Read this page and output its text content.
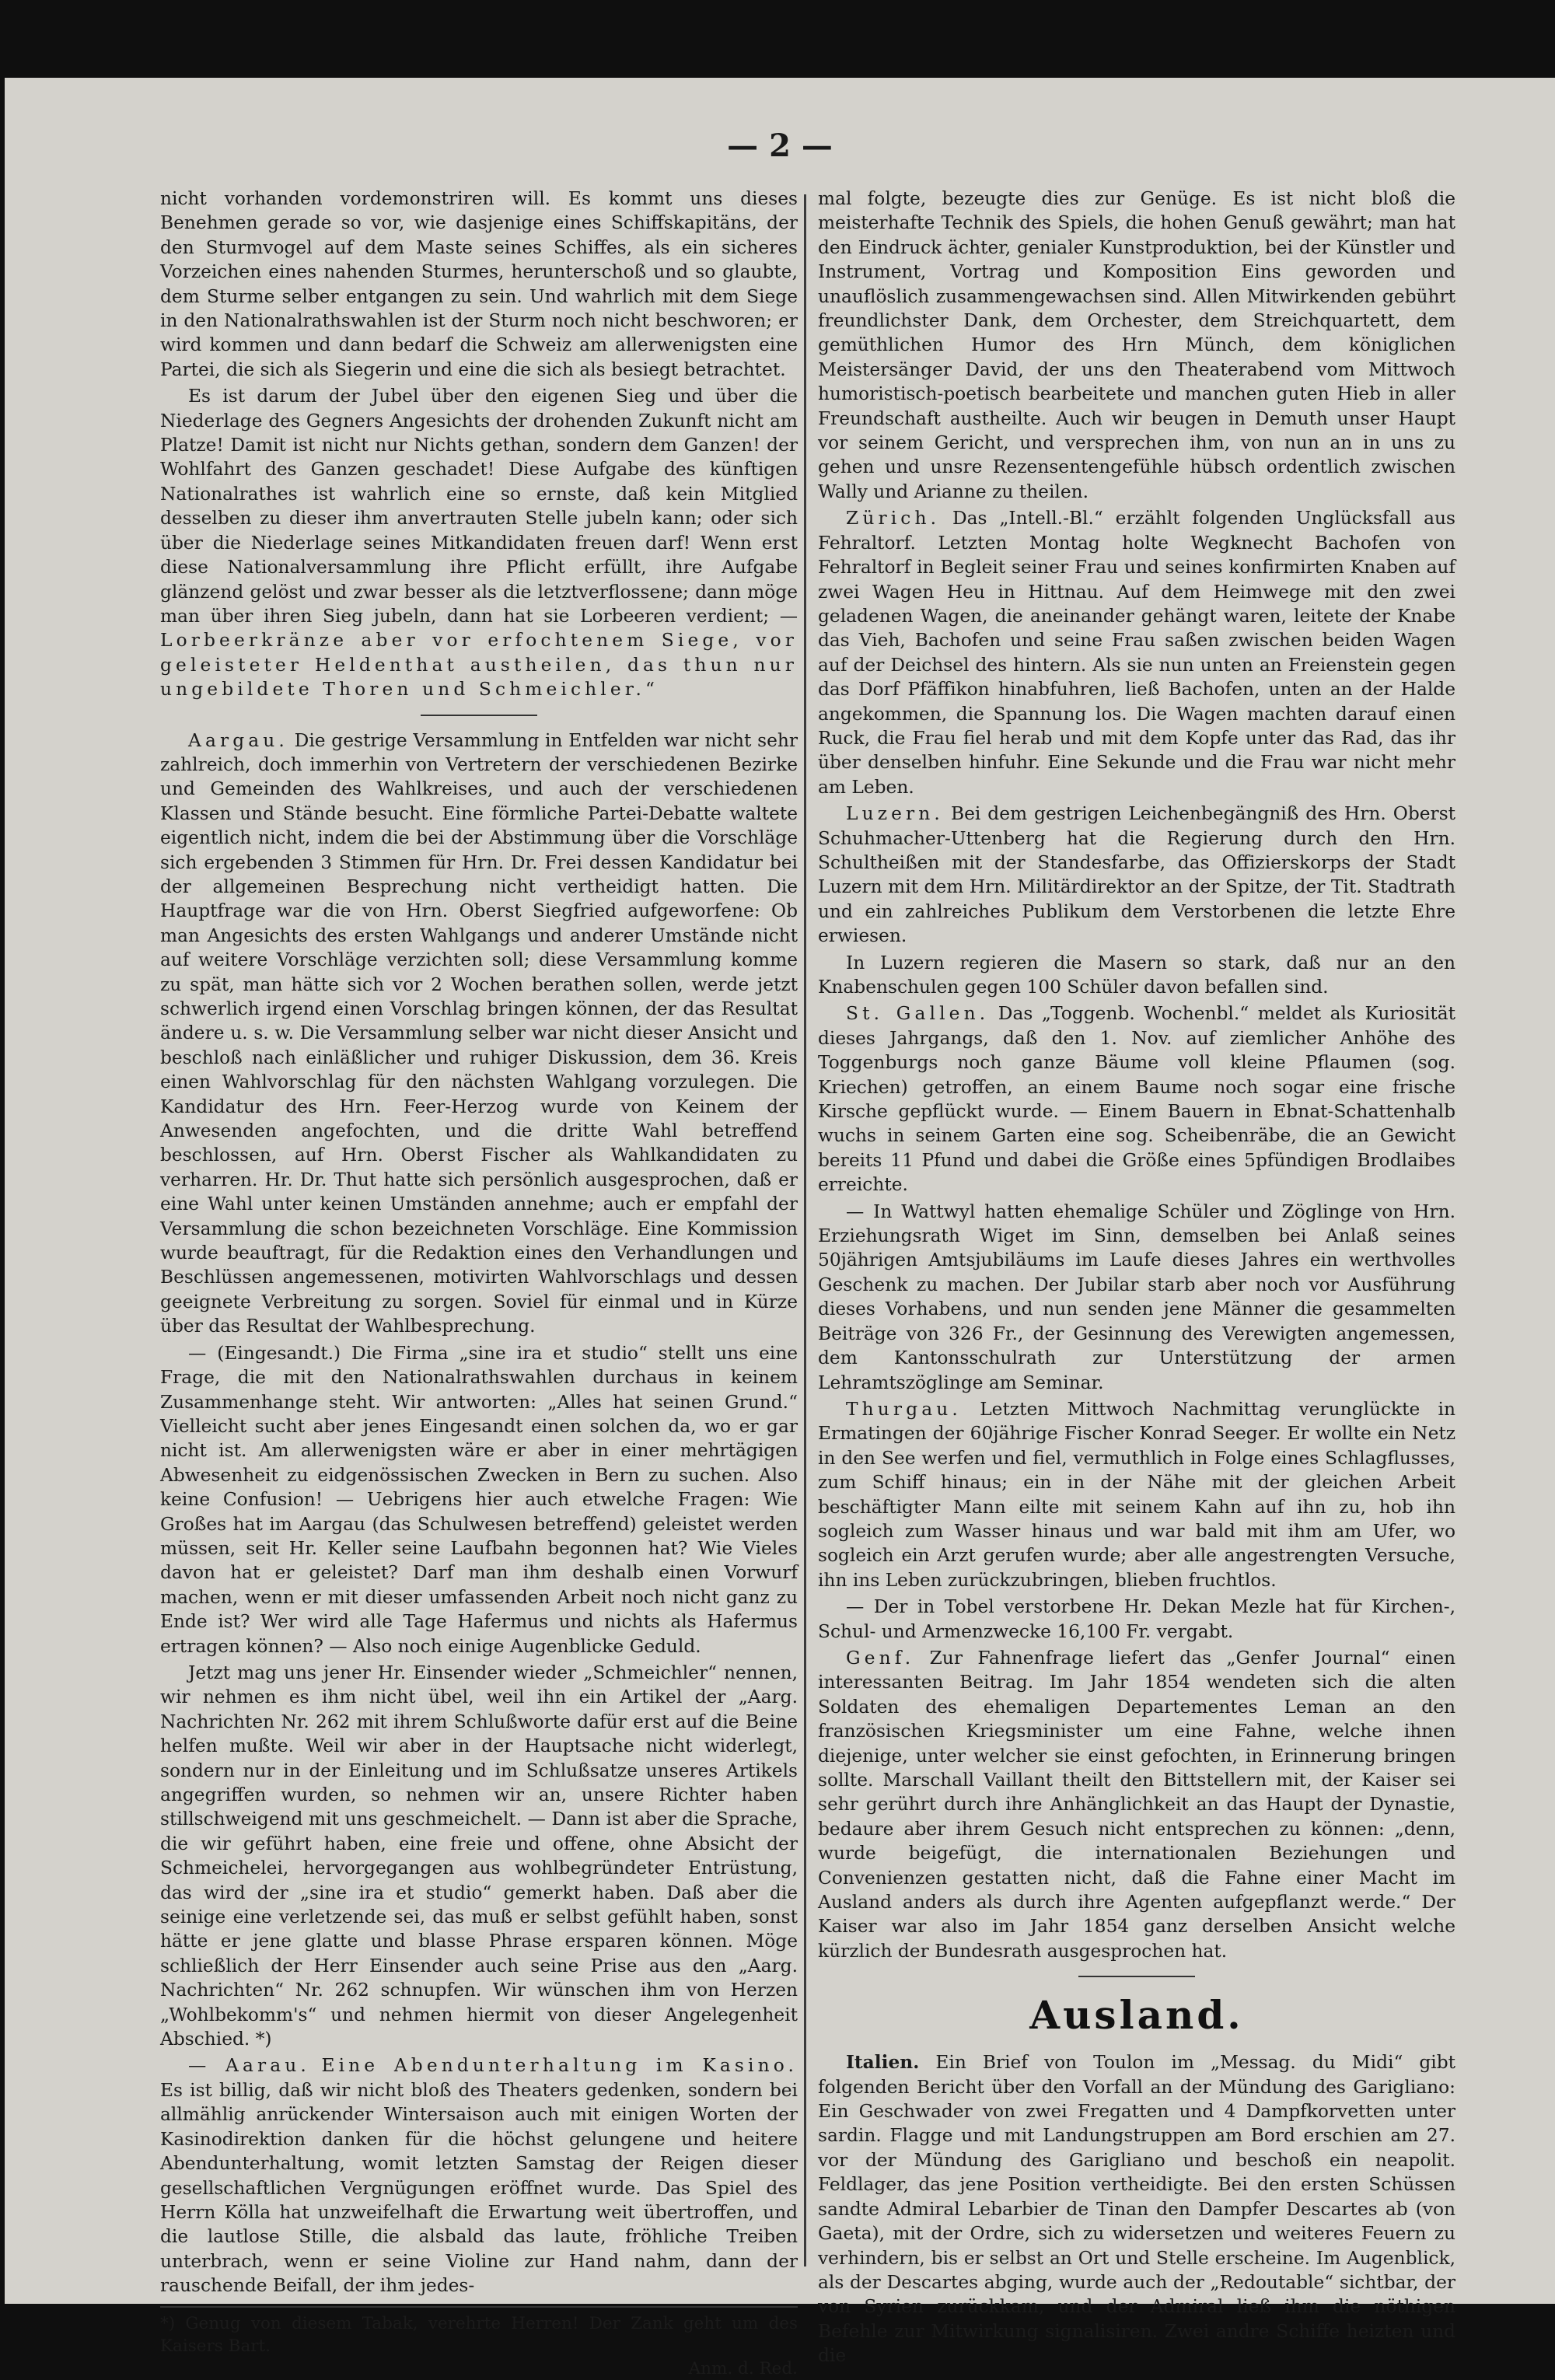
— 2 —

nicht vorhanden vordemonstriren will. Es kommt uns dieses Benehmen gerade so vor, wie dasjenige eines Schiffskapitäns, der den Sturmvogel auf dem Maste seines Schiffes, als ein sicheres Vorzeichen eines nahenden Sturmes, herunterschoß und so glaubte, dem Sturme selber entgangen zu sein. Und wahrlich mit dem Siege in den Nationalrathswahlen ist der Sturm noch nicht beschworen; er wird kommen und dann bedarf die Schweiz am allerwenigsten eine Partei, die sich als Siegerin und eine die sich als besiegt betrachtet.

Es ist darum der Jubel über den eigenen Sieg und über die Niederlage des Gegners Angesichts der drohenden Zukunft nicht am Platze! Damit ist nicht nur Nichts gethan, sondern dem Ganzen! der Wohlfahrt des Ganzen geschadet! Diese Aufgabe des künftigen Nationalrathes ist wahrlich eine so ernste, daß kein Mitglied desselben zu dieser ihm anvertrauten Stelle jubeln kann; oder sich über die Niederlage seines Mitkandidaten freuen darf! Wenn erst diese Nationalversammlung ihre Pflicht erfüllt, ihre Aufgabe glänzend gelöst und zwar besser als die letztverflossene; dann möge man über ihren Sieg jubeln, dann hat sie Lorbeeren verdient; — Lorbeerkränze aber vor erfochtenem Siege, vor geleisteter Heldenthat austheilen, das thun nur ungebildete Thoren und Schmeichler.“

Aargau. Die gestrige Versammlung in Entfelden war nicht sehr zahlreich, doch immerhin von Vertretern der verschiedenen Bezirke und Gemeinden des Wahlkreises, und auch der verschiedenen Klassen und Stände besucht. Eine förmliche Partei-Debatte waltete eigentlich nicht, indem die bei der Abstimmung über die Vorschläge sich ergebenden 3 Stimmen für Hrn. Dr. Frei dessen Kandidatur bei der allgemeinen Besprechung nicht vertheidigt hatten. Die Hauptfrage war die von Hrn. Oberst Siegfried aufgeworfene: Ob man Angesichts des ersten Wahlgangs und anderer Umstände nicht auf weitere Vorschläge verzichten soll; diese Versammlung komme zu spät, man hätte sich vor 2 Wochen berathen sollen, werde jetzt schwerlich irgend einen Vorschlag bringen können, der das Resultat ändere u. s. w. Die Versammlung selber war nicht dieser Ansicht und beschloß nach einläßlicher und ruhiger Diskussion, dem 36. Kreis einen Wahlvorschlag für den nächsten Wahlgang vorzulegen. Die Kandidatur des Hrn. Feer-Herzog wurde von Keinem der Anwesenden angefochten, und die dritte Wahl betreffend beschlossen, auf Hrn. Oberst Fischer als Wahlkandidaten zu verharren. Hr. Dr. Thut hatte sich persönlich ausgesprochen, daß er eine Wahl unter keinen Umständen annehme; auch er empfahl der Versammlung die schon bezeichneten Vorschläge. Eine Kommission wurde beauftragt, für die Redaktion eines den Verhandlungen und Beschlüssen angemessenen, motivirten Wahlvorschlags und dessen geeignete Verbreitung zu sorgen. Soviel für einmal und in Kürze über das Resultat der Wahlbesprechung.

— (Eingesandt.) Die Firma „sine ira et studio“ stellt uns eine Frage, die mit den Nationalrathswahlen durchaus in keinem Zusammenhange steht. Wir antworten: „Alles hat seinen Grund.“ Vielleicht sucht aber jenes Eingesandt einen solchen da, wo er gar nicht ist. Am allerwenigsten wäre er aber in einer mehrtägigen Abwesenheit zu eidgenössischen Zwecken in Bern zu suchen. Also keine Confusion! — Uebrigens hier auch etwelche Fragen: Wie Großes hat im Aargau (das Schulwesen betreffend) geleistet werden müssen, seit Hr. Keller seine Laufbahn begonnen hat? Wie Vieles davon hat er geleistet? Darf man ihm deshalb einen Vorwurf machen, wenn er mit dieser umfassenden Arbeit noch nicht ganz zu Ende ist? Wer wird alle Tage Hafermus und nichts als Hafermus ertragen können? — Also noch einige Augenblicke Geduld.

Jetzt mag uns jener Hr. Einsender wieder „Schmeichler“ nennen, wir nehmen es ihm nicht übel, weil ihn ein Artikel der „Aarg. Nachrichten Nr. 262 mit ihrem Schlußworte dafür erst auf die Beine helfen mußte. Weil wir aber in der Hauptsache nicht widerlegt, sondern nur in der Einleitung und im Schlußsatze unseres Artikels angegriffen wurden, so nehmen wir an, unsere Richter haben stillschweigend mit uns geschmeichelt. — Dann ist aber die Sprache, die wir geführt haben, eine freie und offene, ohne Absicht der Schmeichelei, hervorgegangen aus wohlbegründeter Entrüstung, das wird der „sine ira et studio“ gemerkt haben. Daß aber die seinige eine verletzende sei, das muß er selbst gefühlt haben, sonst hätte er jene glatte und blasse Phrase ersparen können. Möge schließlich der Herr Einsender auch seine Prise aus den „Aarg. Nachrichten“ Nr. 262 schnupfen. Wir wünschen ihm von Herzen „Wohlbekomm's“ und nehmen hiermit von dieser Angelegenheit Abschied. *)

— Aarau. Eine Abendunterhaltung im Kasino. Es ist billig, daß wir nicht bloß des Theaters gedenken, sondern bei allmählig anrückender Wintersaison auch mit einigen Worten der Kasinodirektion danken für die höchst gelungene und heitere Abendunterhaltung, womit letzten Samstag der Reigen dieser gesellschaftlichen Vergnügungen eröffnet wurde. Das Spiel des Herrn Kölla hat unzweifelhaft die Erwartung weit übertroffen, und die lautlose Stille, die alsbald das laute, fröhliche Treiben unterbrach, wenn er seine Violine zur Hand nahm, dann der rauschende Beifall, der ihm jedes-

*) Genug von diesem Tabak, verehrte Herren! Der Zank geht um des Kaisers Bart.
Anm. d. Red.

mal folgte, bezeugte dies zur Genüge. Es ist nicht bloß die meisterhafte Technik des Spiels, die hohen Genuß gewährt; man hat den Eindruck ächter, genialer Kunstproduktion, bei der Künstler und Instrument, Vortrag und Komposition Eins geworden und unauflöslich zusammengewachsen sind. Allen Mitwirkenden gebührt freundlichster Dank, dem Orchester, dem Streichquartett, dem gemüthlichen Humor des Hrn Münch, dem königlichen Meistersänger David, der uns den Theaterabend vom Mittwoch humoristisch-poetisch bearbeitete und manchen guten Hieb in aller Freundschaft austheilte. Auch wir beugen in Demuth unser Haupt vor seinem Gericht, und versprechen ihm, von nun an in uns zu gehen und unsre Rezensentengefühle hübsch ordentlich zwischen Wally und Arianne zu theilen.

Zürich. Das „Intell.-Bl.“ erzählt folgenden Unglücksfall aus Fehraltorf. Letzten Montag holte Wegknecht Bachofen von Fehraltorf in Begleit seiner Frau und seines konfirmirten Knaben auf zwei Wagen Heu in Hittnau. Auf dem Heimwege mit den zwei geladenen Wagen, die aneinander gehängt waren, leitete der Knabe das Vieh, Bachofen und seine Frau saßen zwischen beiden Wagen auf der Deichsel des hintern. Als sie nun unten an Freienstein gegen das Dorf Pfäffikon hinabfuhren, ließ Bachofen, unten an der Halde angekommen, die Spannung los. Die Wagen machten darauf einen Ruck, die Frau fiel herab und mit dem Kopfe unter das Rad, das ihr über denselben hinfuhr. Eine Sekunde und die Frau war nicht mehr am Leben.

Luzern. Bei dem gestrigen Leichenbegängniß des Hrn. Oberst Schuhmacher-Uttenberg hat die Regierung durch den Hrn. Schultheißen mit der Standesfarbe, das Offizierskorps der Stadt Luzern mit dem Hrn. Militärdirektor an der Spitze, der Tit. Stadtrath und ein zahlreiches Publikum dem Verstorbenen die letzte Ehre erwiesen.

In Luzern regieren die Masern so stark, daß nur an den Knabenschulen gegen 100 Schüler davon befallen sind.

St. Gallen. Das „Toggenb. Wochenbl.“ meldet als Kuriosität dieses Jahrgangs, daß den 1. Nov. auf ziemlicher Anhöhe des Toggenburgs noch ganze Bäume voll kleine Pflaumen (sog. Kriechen) getroffen, an einem Baume noch sogar eine frische Kirsche gepflückt wurde. — Einem Bauern in Ebnat-Schattenhalb wuchs in seinem Garten eine sog. Scheibenräbe, die an Gewicht bereits 11 Pfund und dabei die Größe eines 5pfündigen Brodlaibes erreichte.

— In Wattwyl hatten ehemalige Schüler und Zöglinge von Hrn. Erziehungsrath Wiget im Sinn, demselben bei Anlaß seines 50jährigen Amtsjubiläums im Laufe dieses Jahres ein werthvolles Geschenk zu machen. Der Jubilar starb aber noch vor Ausführung dieses Vorhabens, und nun senden jene Männer die gesammelten Beiträge von 326 Fr., der Gesinnung des Verewigten angemessen, dem Kantonsschulrath zur Unterstützung der armen Lehramtszöglinge am Seminar.

Thurgau. Letzten Mittwoch Nachmittag verunglückte in Ermatingen der 60jährige Fischer Konrad Seeger. Er wollte ein Netz in den See werfen und fiel, vermuthlich in Folge eines Schlagflusses, zum Schiff hinaus; ein in der Nähe mit der gleichen Arbeit beschäftigter Mann eilte mit seinem Kahn auf ihn zu, hob ihn sogleich zum Wasser hinaus und war bald mit ihm am Ufer, wo sogleich ein Arzt gerufen wurde; aber alle angestrengten Versuche, ihn ins Leben zurückzubringen, blieben fruchtlos.

— Der in Tobel verstorbene Hr. Dekan Mezle hat für Kirchen-, Schul- und Armenzwecke 16,100 Fr. vergabt.

Genf. Zur Fahnenfrage liefert das „Genfer Journal“ einen interessanten Beitrag. Im Jahr 1854 wendeten sich die alten Soldaten des ehemaligen Departementes Leman an den französischen Kriegsminister um eine Fahne, welche ihnen diejenige, unter welcher sie einst gefochten, in Erinnerung bringen sollte. Marschall Vaillant theilt den Bittstellern mit, der Kaiser sei sehr gerührt durch ihre Anhänglichkeit an das Haupt der Dynastie, bedaure aber ihrem Gesuch nicht entsprechen zu können: „denn, wurde beigefügt, die internationalen Beziehungen und Convenienzen gestatten nicht, daß die Fahne einer Macht im Ausland anders als durch ihre Agenten aufgepflanzt werde.“ Der Kaiser war also im Jahr 1854 ganz derselben Ansicht welche kürzlich der Bundesrath ausgesprochen hat.

Ausland.

Italien. Ein Brief von Toulon im „Messag. du Midi“ gibt folgenden Bericht über den Vorfall an der Mündung des Garigliano: Ein Geschwader von zwei Fregatten und 4 Dampfkorvetten unter sardin. Flagge und mit Landungstruppen am Bord erschien am 27. vor der Mündung des Garigliano und beschoß ein neapolit. Feldlager, das jene Position vertheidigte. Bei den ersten Schüssen sandte Admiral Lebarbier de Tinan den Dampfer Descartes ab (von Gaeta), mit der Ordre, sich zu widersetzen und weiteres Feuern zu verhindern, bis er selbst an Ort und Stelle erscheine. Im Augenblick, als der Descartes abging, wurde auch der „Redoutable“ sichtbar, der von Syrien zurückkam, und der Admiral ließ ihm die nöthigen Befehle zur Mitwirkung signalisiren. Zwei andre Schiffe heizten und die
